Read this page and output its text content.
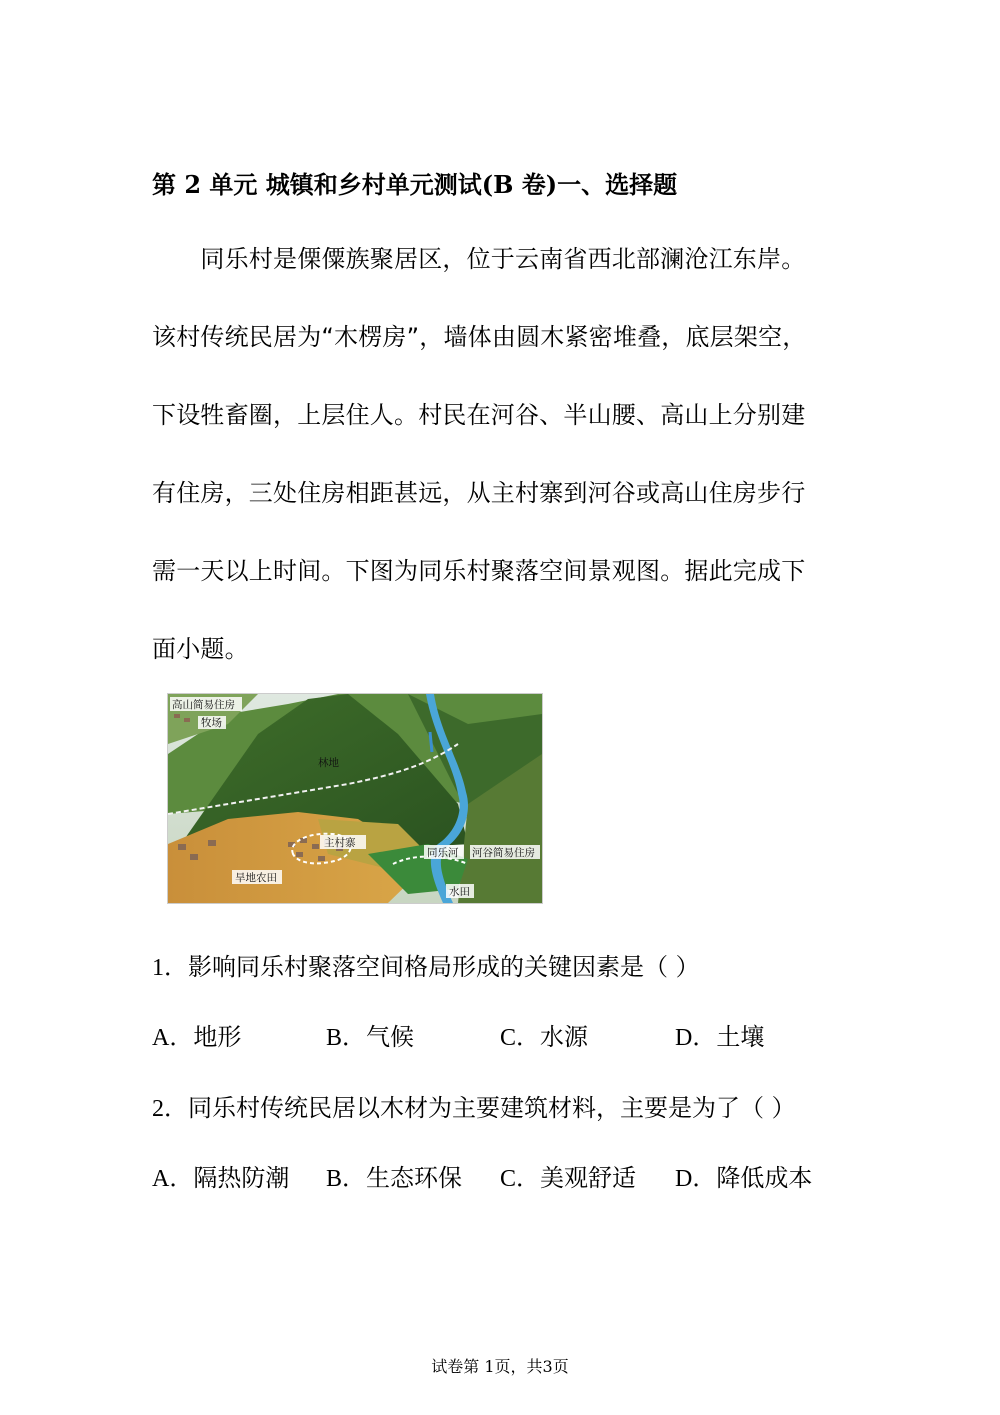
第 2 单元 城镇和乡村单元测试(B 卷)一、选择题
　　同乐村是傈僳族聚居区，位于云南省西北部澜沧江东岸。
该村传统民居为“木楞房”，墙体由圆木紧密堆叠，底层架空，
下设牲畜圈，上层住人。村民在河谷、半山腰、高山上分别建
有住房，三处住房相距甚远，从主村寨到河谷或高山住房步行
需一天以上时间。下图为同乐村聚落空间景观图。据此完成下
面小题。
高山简易住房
牧场
林地
主村寨
同乐河 河谷简易住房
旱地农田
水田
1．影响同乐村聚落空间格局形成的关键因素是（ ）
A．地形	B．气候	C．水源	D．土壤
2．同乐村传统民居以木材为主要建筑材料，主要是为了（ ）
A．隔热防潮 B．生态环保 C．美观舒适 D．降低成本
试卷第 1页，共3页
